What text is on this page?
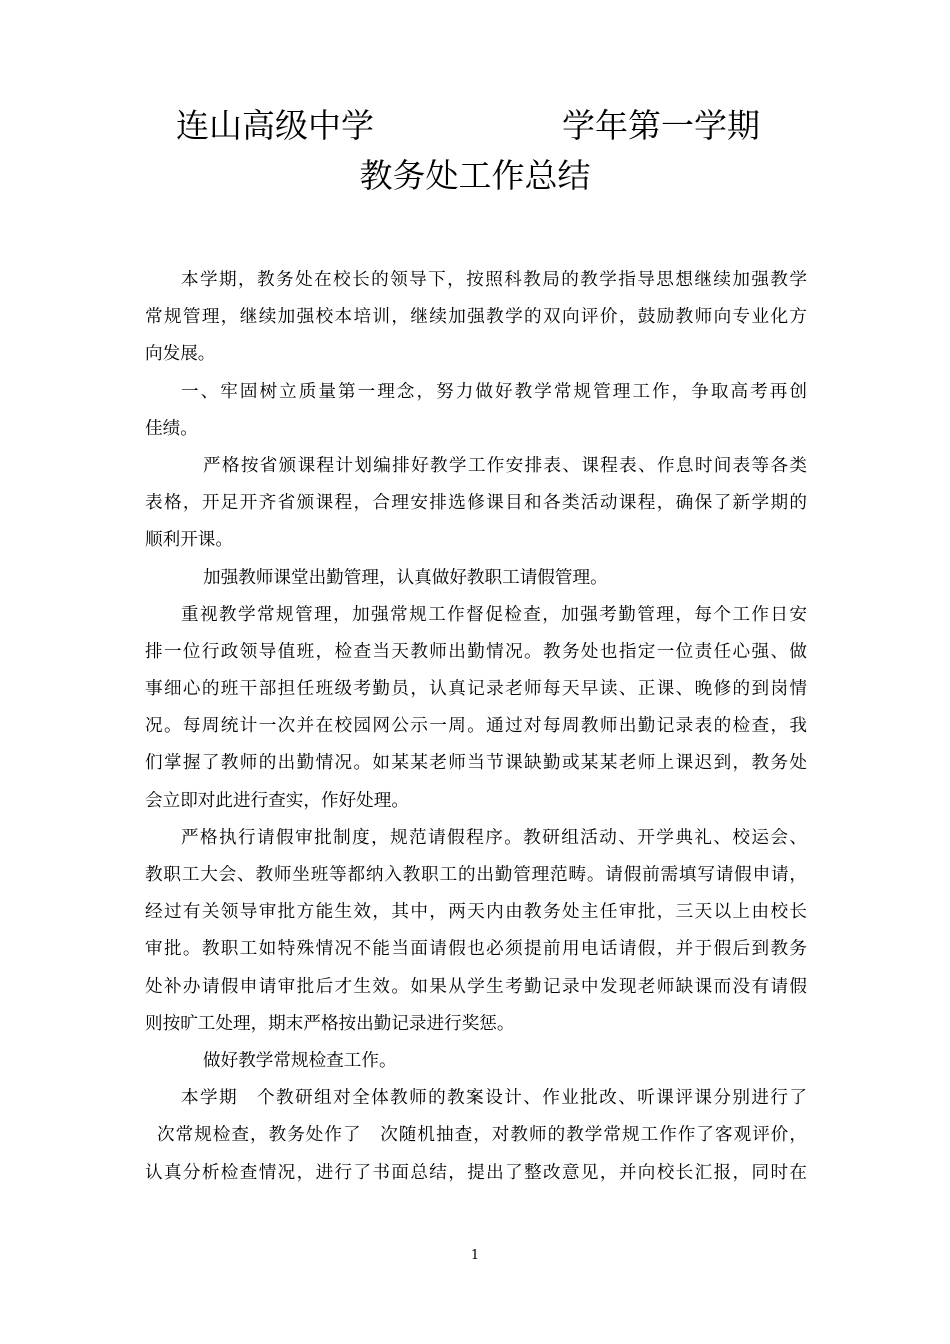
连山高级中学	学年第一学期
教务处工作总结
本学期，教务处在校长的领导下，按照科教局的教学指导思想继续加强教学
常规管理，继续加强校本培训，继续加强教学的双向评价，鼓励教师向专业化方
向发展。
一、牢固树立质量第一理念，努力做好教学常规管理工作，争取高考再创
佳绩。
严格按省颁课程计划编排好教学工作安排表、课程表、作息时间表等各类
表格，开足开齐省颁课程，合理安排选修课目和各类活动课程，确保了新学期的
顺利开课。
加强教师课堂出勤管理，认真做好教职工请假管理。
重视教学常规管理，加强常规工作督促检查，加强考勤管理，每个工作日安
排一位行政领导值班，检查当天教师出勤情况。教务处也指定一位责任心强、做
事细心的班干部担任班级考勤员，认真记录老师每天早读、正课、晚修的到岗情
况。每周统计一次并在校园网公示一周。通过对每周教师出勤记录表的检查，我
们掌握了教师的出勤情况。如某某老师当节课缺勤或某某老师上课迟到，教务处
会立即对此进行查实，作好处理。
严格执行请假审批制度，规范请假程序。教研组活动、开学典礼、校运会、
教职工大会、教师坐班等都纳入教职工的出勤管理范畴。请假前需填写请假申请，
经过有关领导审批方能生效，其中，两天内由教务处主任审批，三天以上由校长
审批。教职工如特殊情况不能当面请假也必须提前用电话请假，并于假后到教务
处补办请假申请审批后才生效。如果从学生考勤记录中发现老师缺课而没有请假
则按旷工处理，期末严格按出勤记录进行奖惩。
做好教学常规检查工作。
本学期　个教研组对全体教师的教案设计、作业批改、听课评课分别进行了
次常规检查，教务处作了　次随机抽查，对教师的教学常规工作作了客观评价，
认真分析检查情况，进行了书面总结，提出了整改意见，并向校长汇报，同时在
1
